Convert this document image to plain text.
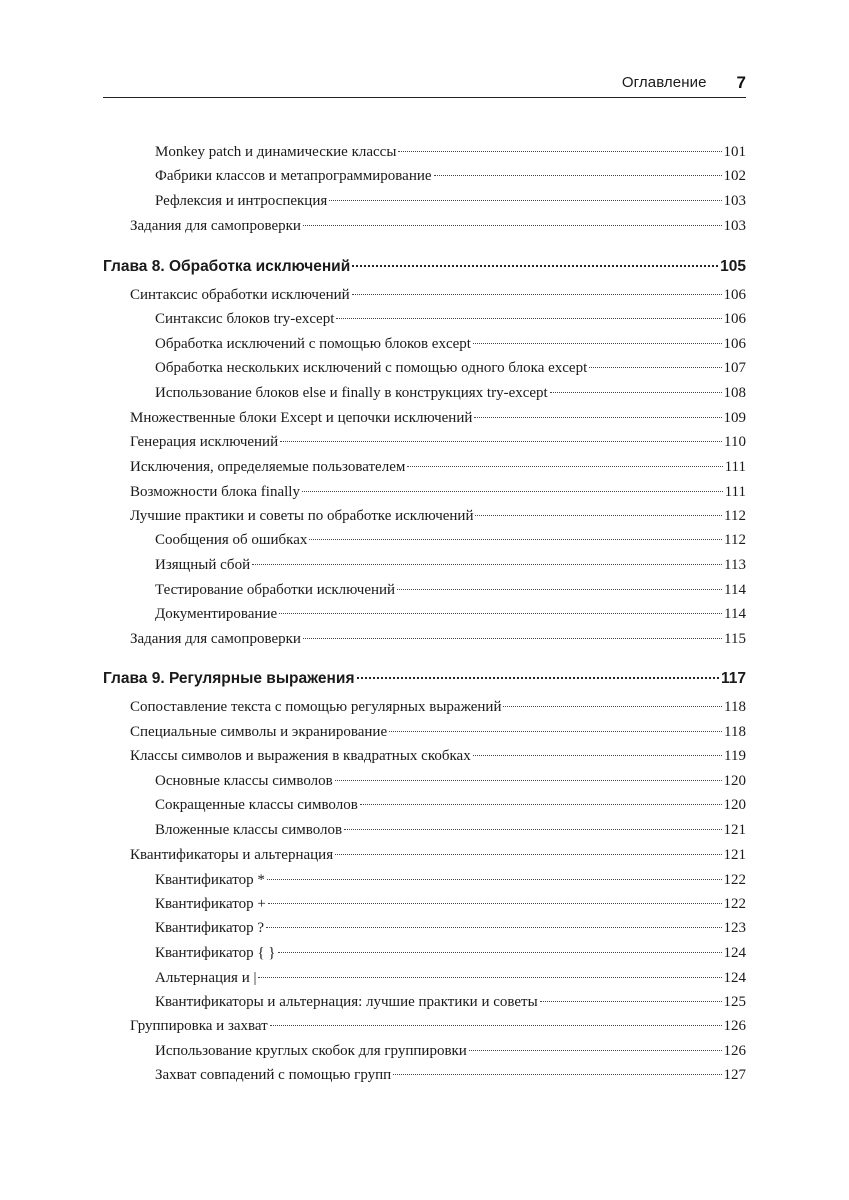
Оглавление 7
Monkey patch и динамические классы	101
Фабрики классов и метапрограммирование	102
Рефлексия и интроспекция	103
Задания для самопроверки	103
Глава 8. Обработка исключений	105
Синтаксис обработки исключений	106
Синтаксис блоков try-except	106
Обработка исключений с помощью блоков except	106
Обработка нескольких исключений с помощью одного блока except	107
Использование блоков else и finally в конструкциях try-except	108
Множественные блоки Except и цепочки исключений	109
Генерация исключений	110
Исключения, определяемые пользователем	111
Возможности блока finally	111
Лучшие практики и советы по обработке исключений	112
Сообщения об ошибках	112
Изящный сбой	113
Тестирование обработки исключений	114
Документирование	114
Задания для самопроверки	115
Глава 9. Регулярные выражения	117
Сопоставление текста с помощью регулярных выражений	118
Специальные символы и экранирование	118
Классы символов и выражения в квадратных скобках	119
Основные классы символов	120
Сокращенные классы символов	120
Вложенные классы символов	121
Квантификаторы и альтернация	121
Квантификатор *	122
Квантификатор +	122
Квантификатор ?	123
Квантификатор { }	124
Альтернация и |	124
Квантификаторы и альтернация: лучшие практики и советы	125
Группировка и захват	126
Использование круглых скобок для группировки	126
Захват совпадений с помощью групп	127
